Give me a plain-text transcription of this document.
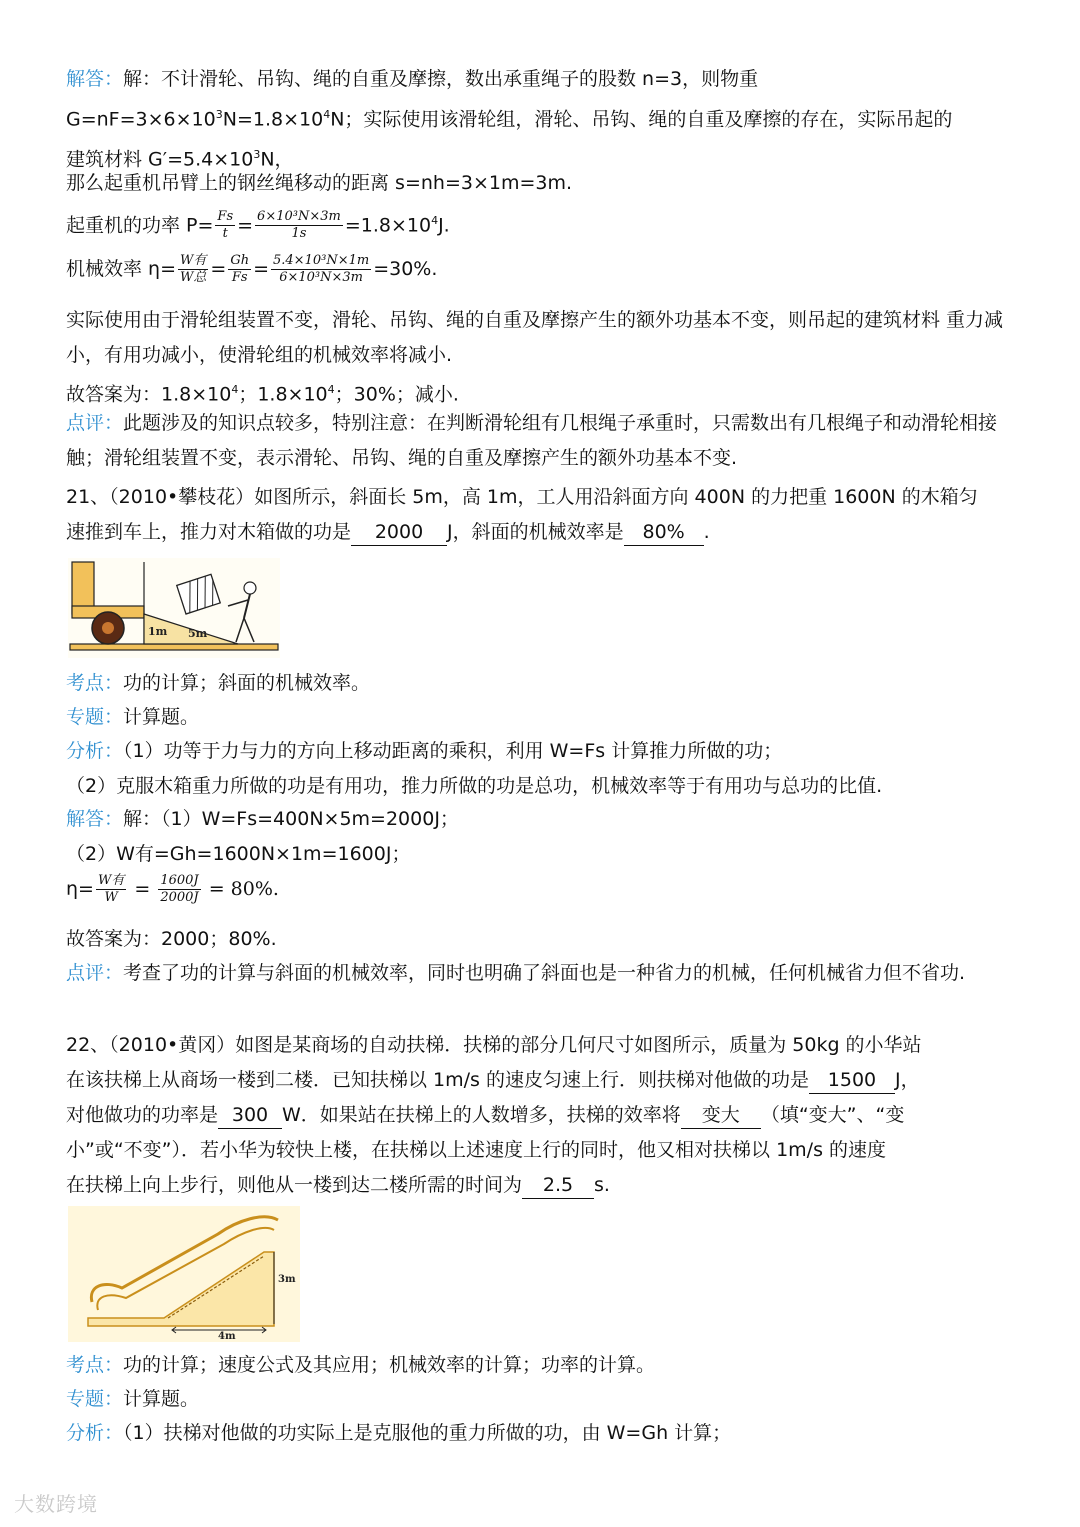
解答：解：不计滑轮、吊钩、绳的自重及摩擦，数出承重绳子的股数 n=3，则物重
$G=nF=3\times 6\times 10^3N=1.8\times 10^4N$；实际使用该滑轮组，滑轮、吊钩、绳的自重及摩擦的存在，实际吊起的
建筑材料 $G'=5.4\times 10^3N$，
那么起重机吊臂上的钢丝绳移动的距离 s=nh=3×1m=3m.
起重机的功率 $P= \frac{Fs}{t} = \frac{\text{6×10³N×3m}}{1s} =1.8\times 10^4J$.
机械效率 $\eta= \frac{\text{W有}}{\text{W总}} = \frac{Gh}{Fs} = \frac{\text{5.4×10³N×1m}}{\text{6×10³N×3m}} =30\%$.
实际使用由于滑轮组装置不变，滑轮、吊钩、绳的自重及摩擦产生的额外功基本不变，则吊起的建筑材料 重力减小，有用功减小，使滑轮组的机械效率将减小.
故答案为：$1.8\times 10^4$；$1.8\times 10^4$；30%；减小.
点评：此题涉及的知识点较多，特别注意：在判断滑轮组有几根绳子承重时，只需数出有几根绳子和动滑轮相接触；滑轮组装置不变，表示滑轮、吊钩、绳的自重及摩擦产生的额外功基本不变.
21、（2010•攀枝花）如图所示，斜面长 5m，高 1m，工人用沿斜面方向 400N 的力把重 1600N 的木箱匀
速推到车上，推力对木箱做的功是 2000 J，斜面的机械效率是 80% .
1m 5m
考点：功的计算；斜面的机械效率。
专题：计算题。
分析：（1）功等于力与力的方向上移动距离的乘积，利用 W=Fs 计算推力所做的功；
（2）克服木箱重力所做的功是有用功，推力所做的功是总功，机械效率等于有用功与总功的比值.
解答：解：（1）W=Fs=400N×5m=2000J；
（2）W有=Gh=1600N×1m=1600J；
$\eta= \frac{\text{W有}}{W} = \frac{1600J}{2000J} = 80\%$.
故答案为：2000；80%.
点评：考查了功的计算与斜面的机械效率，同时也明确了斜面也是一种省力的机械，任何机械省力但不省功.
22、（2010•黄冈）如图是某商场的自动扶梯．扶梯的部分几何尺寸如图所示，质量为 50kg 的小华站
在该扶梯上从商场一楼到二楼．已知扶梯以 1m/s 的速皮匀速上行．则扶梯对他做的功是 1500 J，
对他做功的功率是 300 W．如果站在扶梯上的人数增多，扶梯的效率将 变大 （填“变大”、“变
小”或“不变”）．若小华为较快上楼，在扶梯以上述速度上行的同时，他又相对扶梯以 1m/s 的速度
在扶梯上向上步行，则他从一楼到达二楼所需的时间为 2.5 s.
3m
4m
考点：功的计算；速度公式及其应用；机械效率的计算；功率的计算。
专题：计算题。
分析：（1）扶梯对他做的功实际上是克服他的重力所做的功，由 W=Gh 计算；
大数跨境
